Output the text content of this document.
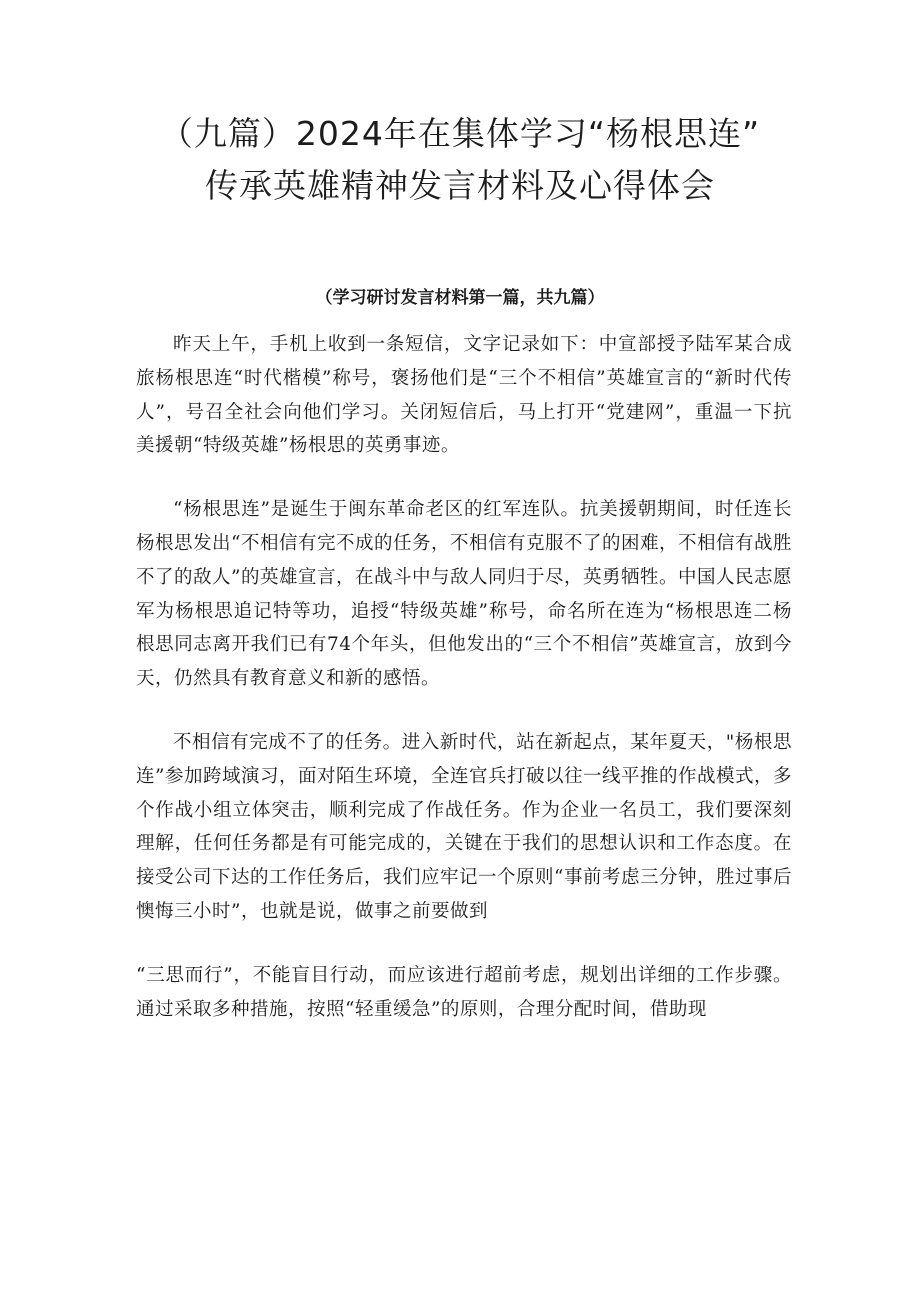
（九篇）2024年在集体学习“杨根思连”
传承英雄精神发言材料及心得体会

（学习研讨发言材料第一篇，共九篇）

昨天上午，手机上收到一条短信，文字记录如下：中宣部授予陆军某合成旅杨根思连“时代楷模”称号，褒扬他们是“三个不相信”英雄宣言的“新时代传人”，号召全社会向他们学习。关闭短信后，马上打开“党建网”，重温一下抗美援朝“特级英雄”杨根思的英勇事迹。

“杨根思连”是诞生于闽东革命老区的红军连队。抗美援朝期间，时任连长杨根思发出“不相信有完不成的任务，不相信有克服不了的困难，不相信有战胜不了的敌人”的英雄宣言，在战斗中与敌人同归于尽，英勇牺牲。中国人民志愿军为杨根思追记特等功，追授“特级英雄”称号，命名所在连为“杨根思连二杨根思同志离开我们已有74个年头，但他发出的“三个不相信”英雄宣言，放到今天，仍然具有教育意义和新的感悟。

不相信有完成不了的任务。进入新时代，站在新起点，某年夏天，"杨根思连”参加跨域演习，面对陌生环境，全连官兵打破以往一线平推的作战模式，多个作战小组立体突击，顺利完成了作战任务。作为企业一名员工，我们要深刻理解，任何任务都是有可能完成的，关键在于我们的思想认识和工作态度。在接受公司下达的工作任务后，我们应牢记一个原则“事前考虑三分钟，胜过事后懊悔三小时”，也就是说，做事之前要做到

“三思而行”，不能盲目行动，而应该进行超前考虑，规划出详细的工作步骤。通过采取多种措施，按照“轻重缓急”的原则，合理分配时间，借助现
